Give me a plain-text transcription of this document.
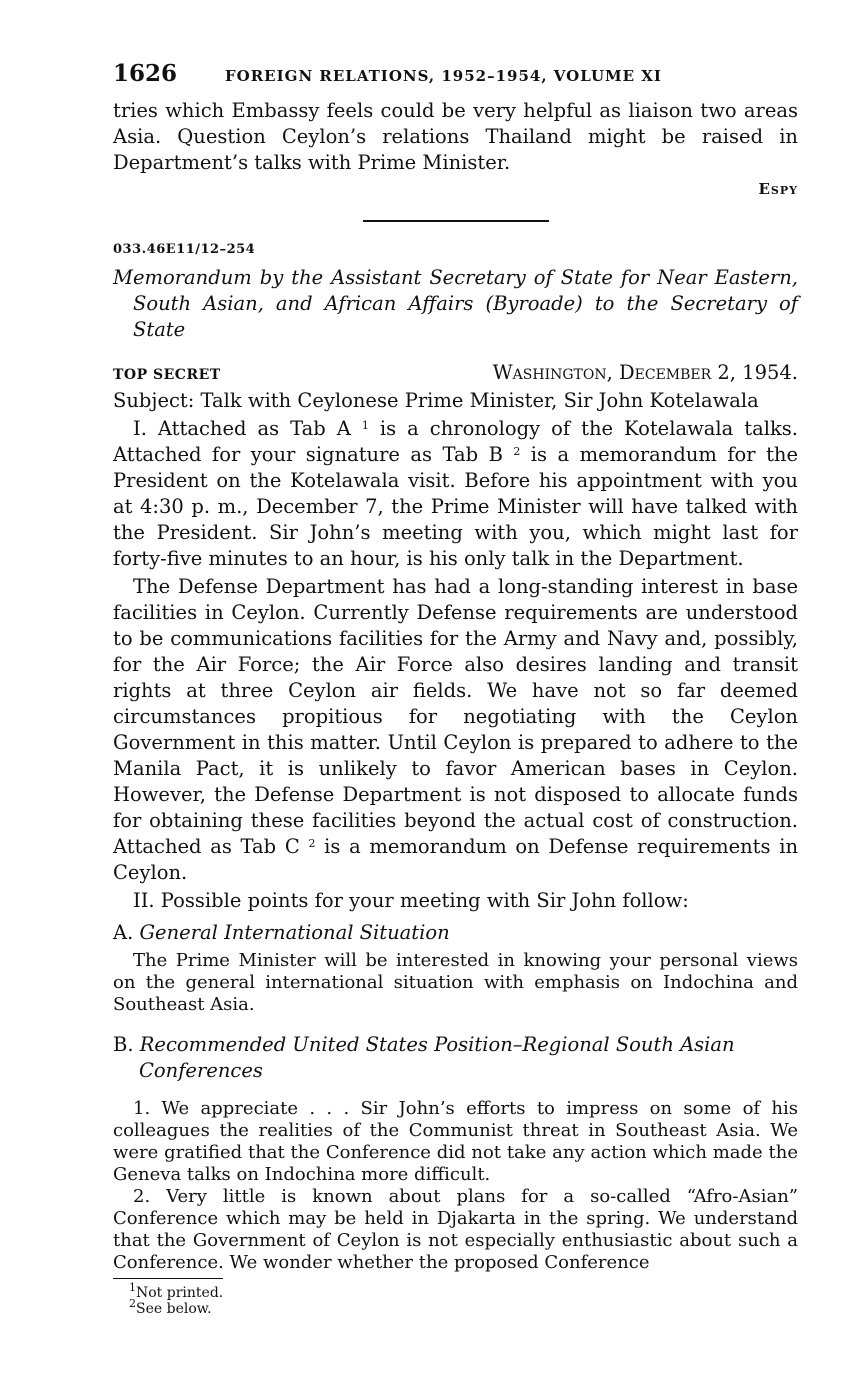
1626	FOREIGN RELATIONS, 1952–1954, VOLUME XI

tries which Embassy feels could be very helpful as liaison two areas Asia. Question Ceylon’s relations Thailand might be raised in Department’s talks with Prime Minister.

Espy
033.46E11/12–254

Memorandum by the Assistant Secretary of State for Near Eastern, South Asian, and African Affairs (Byroade) to the Secretary of State

TOP SECRET	Washington, December 2, 1954.

Subject: Talk with Ceylonese Prime Minister, Sir John Kotelawala

I. Attached as Tab A $^1$ is a chronology of the Kotelawala talks. Attached for your signature as Tab B $^2$ is a memorandum for the President on the Kotelawala visit. Before his appointment with you at 4:30 p. m., December 7, the Prime Minister will have talked with the President. Sir John’s meeting with you, which might last for forty-five minutes to an hour, is his only talk in the Department.

The Defense Department has had a long-standing interest in base facilities in Ceylon. Currently Defense requirements are understood to be communications facilities for the Army and Navy and, possibly, for the Air Force; the Air Force also desires landing and transit rights at three Ceylon air fields. We have not so far deemed circumstances propitious for negotiating with the Ceylon Government in this matter. Until Ceylon is prepared to adhere to the Manila Pact, it is unlikely to favor American bases in Ceylon. However, the Defense Department is not disposed to allocate funds for obtaining these facilities beyond the actual cost of construction. Attached as Tab C $^2$ is a memorandum on Defense requirements in Ceylon.

II. Possible points for your meeting with Sir John follow:

A. General International Situation

The Prime Minister will be interested in knowing your personal views on the general international situation with emphasis on Indochina and Southeast Asia.

B. Recommended United States Position–Regional South Asian Conferences

1. We appreciate . . . Sir John’s efforts to impress on some of his colleagues the realities of the Communist threat in Southeast Asia. We were gratified that the Conference did not take any action which made the Geneva talks on Indochina more difficult.

2. Very little is known about plans for a so-called “Afro-Asian” Conference which may be held in Djakarta in the spring. We understand that the Government of Ceylon is not especially enthusiastic about such a Conference. We wonder whether the proposed Conference

$^1$Not printed.
$^2$See below.
